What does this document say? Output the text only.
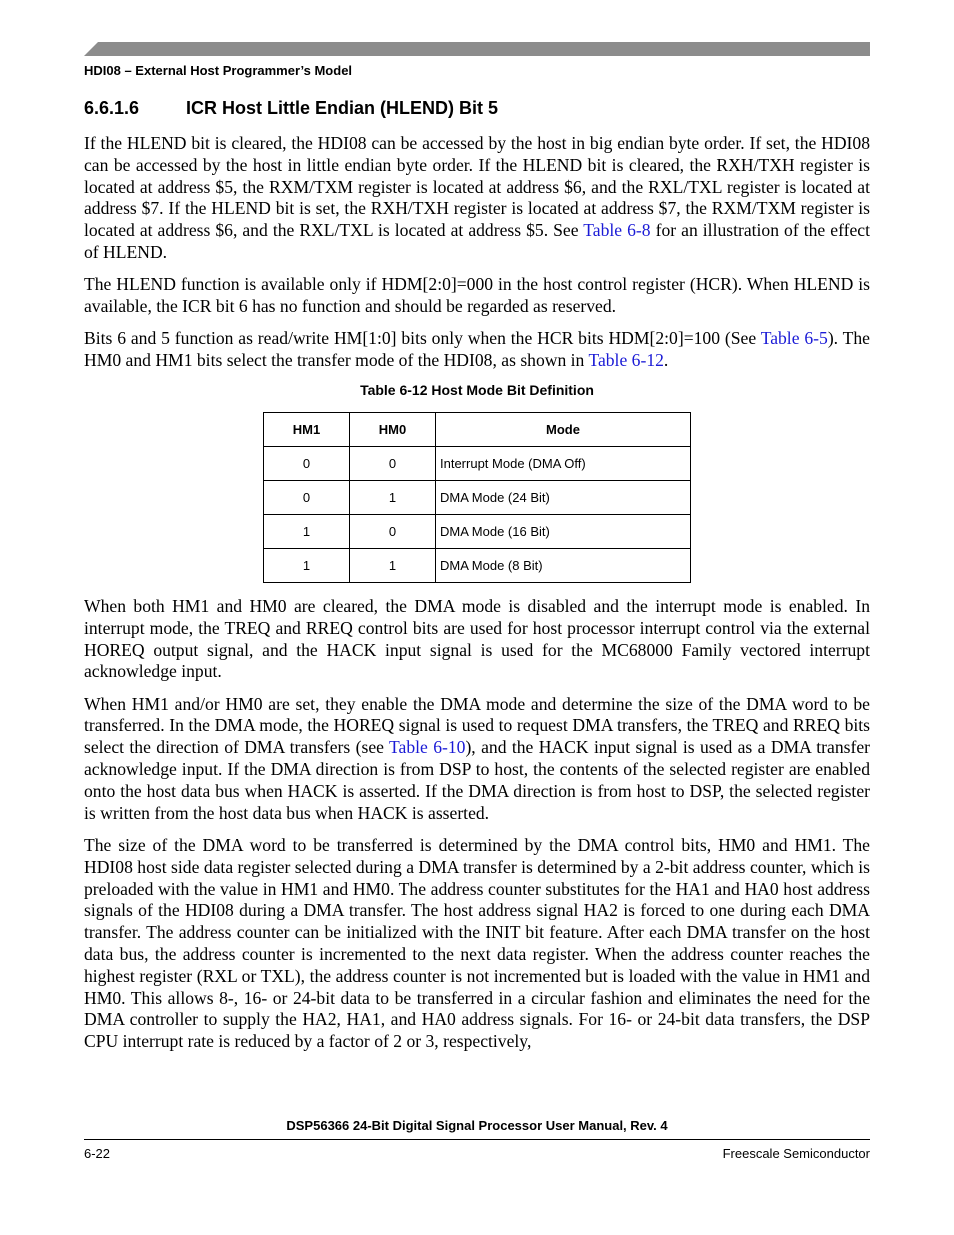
HDI08 – External Host Programmer’s Model
6.6.1.6	ICR Host Little Endian (HLEND) Bit 5

If the HLEND bit is cleared, the HDI08 can be accessed by the host in big endian byte order. If set, the HDI08 can be accessed by the host in little endian byte order. If the HLEND bit is cleared, the RXH/TXH register is located at address $5, the RXM/TXM register is located at address $6, and the RXL/TXL register is located at address $7. If the HLEND bit is set, the RXH/TXH register is located at address $7, the RXM/TXM register is located at address $6, and the RXL/TXL is located at address $5. See Table 6-8 for an illustration of the effect of HLEND.

The HLEND function is available only if HDM[2:0]=000 in the host control register (HCR). When HLEND is available, the ICR bit 6 has no function and should be regarded as reserved.

Bits 6 and 5 function as read/write HM[1:0] bits only when the HCR bits HDM[2:0]=100 (See Table 6-5). The HM0 and HM1 bits select the transfer mode of the HDI08, as shown in Table 6-12.

Table 6-12 Host Mode Bit Definition
HM1	HM0	Mode
0	0	Interrupt Mode (DMA Off)
0	1	DMA Mode (24 Bit)
1	0	DMA Mode (16 Bit)
1	1	DMA Mode (8 Bit)

When both HM1 and HM0 are cleared, the DMA mode is disabled and the interrupt mode is enabled. In interrupt mode, the TREQ and RREQ control bits are used for host processor interrupt control via the external HOREQ output signal, and the HACK input signal is used for the MC68000 Family vectored interrupt acknowledge input.

When HM1 and/or HM0 are set, they enable the DMA mode and determine the size of the DMA word to be transferred. In the DMA mode, the HOREQ signal is used to request DMA transfers, the TREQ and RREQ bits select the direction of DMA transfers (see Table 6-10), and the HACK input signal is used as a DMA transfer acknowledge input. If the DMA direction is from DSP to host, the contents of the selected register are enabled onto the host data bus when HACK is asserted. If the DMA direction is from host to DSP, the selected register is written from the host data bus when HACK is asserted.

The size of the DMA word to be transferred is determined by the DMA control bits, HM0 and HM1. The HDI08 host side data register selected during a DMA transfer is determined by a 2-bit address counter, which is preloaded with the value in HM1 and HM0. The address counter substitutes for the HA1 and HA0 host address signals of the HDI08 during a DMA transfer. The host address signal HA2 is forced to one during each DMA transfer. The address counter can be initialized with the INIT bit feature. After each DMA transfer on the host data bus, the address counter is incremented to the next data register. When the address counter reaches the highest register (RXL or TXL), the address counter is not incremented but is loaded with the value in HM1 and HM0. This allows 8-, 16- or 24-bit data to be transferred in a circular fashion and eliminates the need for the DMA controller to supply the HA2, HA1, and HA0 address signals. For 16- or 24-bit data transfers, the DSP CPU interrupt rate is reduced by a factor of 2 or 3, respectively,

DSP56366 24-Bit Digital Signal Processor User Manual, Rev. 4
6-22	Freescale Semiconductor
